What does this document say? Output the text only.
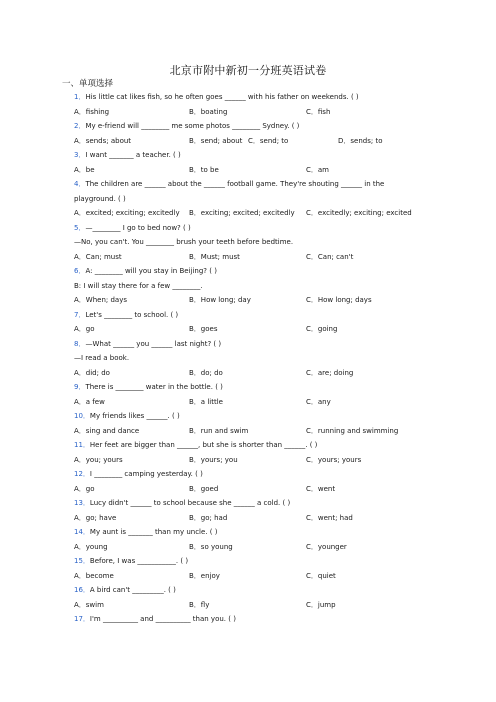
北京市附中新初一分班英语试卷
一、单项选择
1．His little cat likes fish, so he often goes ______ with his father on weekends. ( )
A．fishing	B．boating	C．fish
2．My e-friend will ________ me some photos ________ Sydney. ( )
A．sends; about	B．send; about C．send; to	D．sends; to
3．I want _______ a teacher. ( )
A．be	B．to be	C．am
4．The children are ______ about the ______ football game. They're shouting ______ in the
playground. ( )
A．excited; exciting; excitedly B．exciting; excited; excitedly C．excitedly; exciting; excited
5．—________ I go to bed now? ( )
—No, you can't. You ________ brush your teeth before bedtime.
A．Can; must	B．Must; must	C．Can; can't
6．A: ________ will you stay in Beijing? ( )
B: I will stay there for a few ________.
A．When; days	B．How long; day	C．How long; days
7．Let's ________ to school. ( )
A．go	B．goes	C．going
8．—What ______ you ______ last night? ( )
—I read a book.
A．did; do	B．do; do	C．are; doing
9．There is ________ water in the bottle. ( )
A．a few	B．a little	C．any
10．My friends likes ______. ( )
A．sing and dance	B．run and swim	C．running and swimming
11．Her feet are bigger than ______, but she is shorter than ______. ( )
A．you; yours	B．yours; you	C．yours; yours
12．I ________ camping yesterday. ( )
A．go	B．goed	C．went
13．Lucy didn't ______ to school because she ______ a cold. ( )
A．go; have	B．go; had	C．went; had
14．My aunt is _______ than my uncle. ( )
A．young	B．so young	C．younger
15．Before, I was ___________. ( )
A．become	B．enjoy	C．quiet
16．A bird can't _________. ( )
A．swim	B．fly	C．jump
17．I'm __________ and __________ than you. ( )
